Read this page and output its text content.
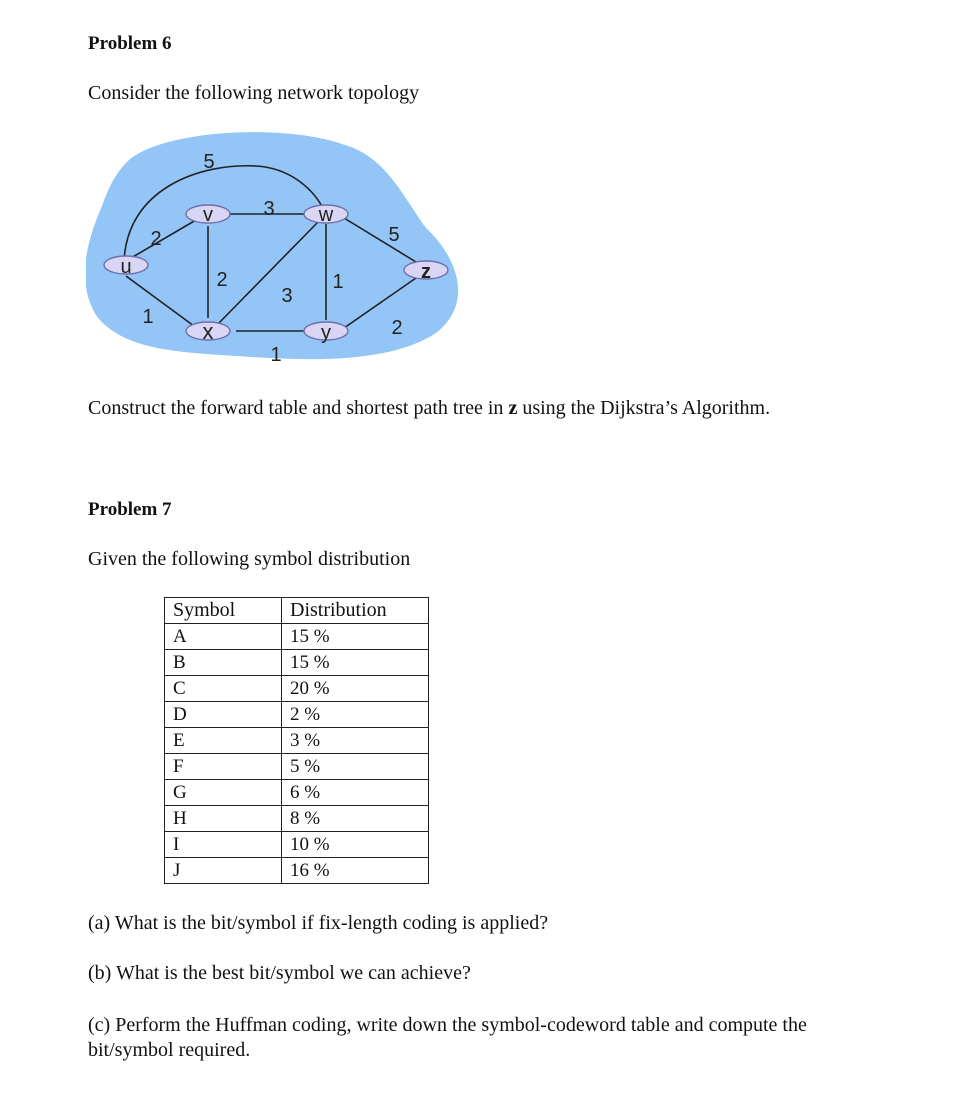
Problem 6
Consider the following network topology
u
v	w
x	y
z
2
5
1
3
2
3
1
1
5
2
Construct the forward table and shortest path tree in z using the Dijkstra’s Algorithm.
Problem 7
Given the following symbol distribution
Symbol	Distribution
A	15 %
B	15 %
C	20 %
D	2 %
E	3 %
F	5 %
G	6 %
H	8 %
I	10 %
J	16 %
(a) What is the bit/symbol if fix-length coding is applied?
(b) What is the best bit/symbol we can achieve?
(c) Perform the Huffman coding, write down the symbol-codeword table and compute the
bit/symbol required.
